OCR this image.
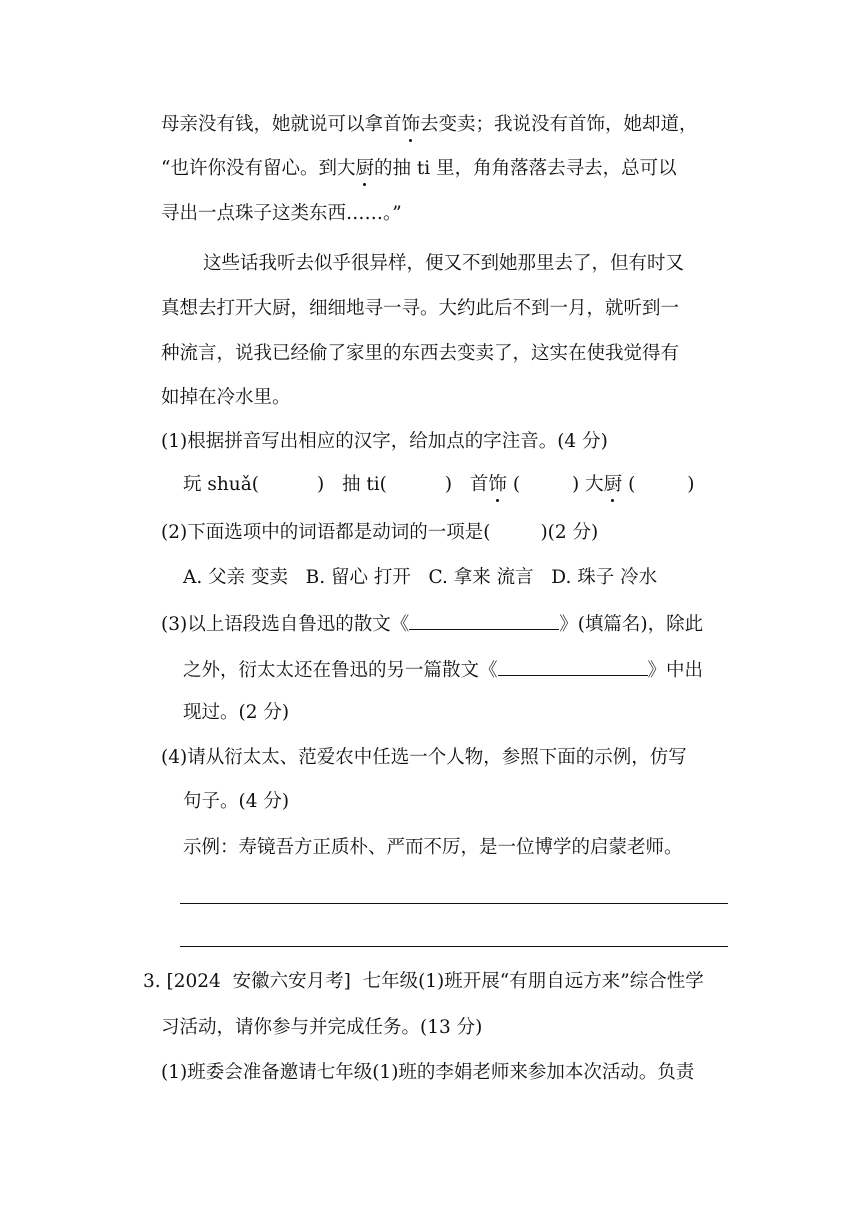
母亲没有钱，她就说可以拿首饰去变卖；我说没有首饰，她却道，
“也许你没有留心。到大厨的抽 ti 里，角角落落去寻去，总可以
寻出一点珠子这类东西……。”
这些话我听去似乎很异样，便又不到她那里去了，但有时又
真想去打开大厨，细细地寻一寻。大约此后不到一月，就听到一
种流言，说我已经偷了家里的东西去变卖了，这实在使我觉得有
如掉在冷水里。
(1)根据拼音写出相应的汉字，给加点的字注音。(4 分)
玩 shuǎ(	) 抽 ti(	) 首饰 (	) 大厨 (	)
(2)下面选项中的词语都是动词的一项是(	)(2 分)
A. 父亲 变卖   B. 留心 打开   C. 拿来 流言   D. 珠子 冷水
(3)以上语段选自鲁迅的散文《	》(填篇名)，除此
之外，衍太太还在鲁迅的另一篇散文《	》中出
现过。(2 分)
(4)请从衍太太、范爱农中任选一个人物，参照下面的示例，仿写
句子。(4 分)
示例：寿镜吾方正质朴、严而不厉，是一位博学的启蒙老师。
3. [2024  安徽六安月考]  七年级(1)班开展“有朋自远方来”综合性学
习活动，请你参与并完成任务。(13 分)
(1)班委会准备邀请七年级(1)班的李娟老师来参加本次活动。负责
